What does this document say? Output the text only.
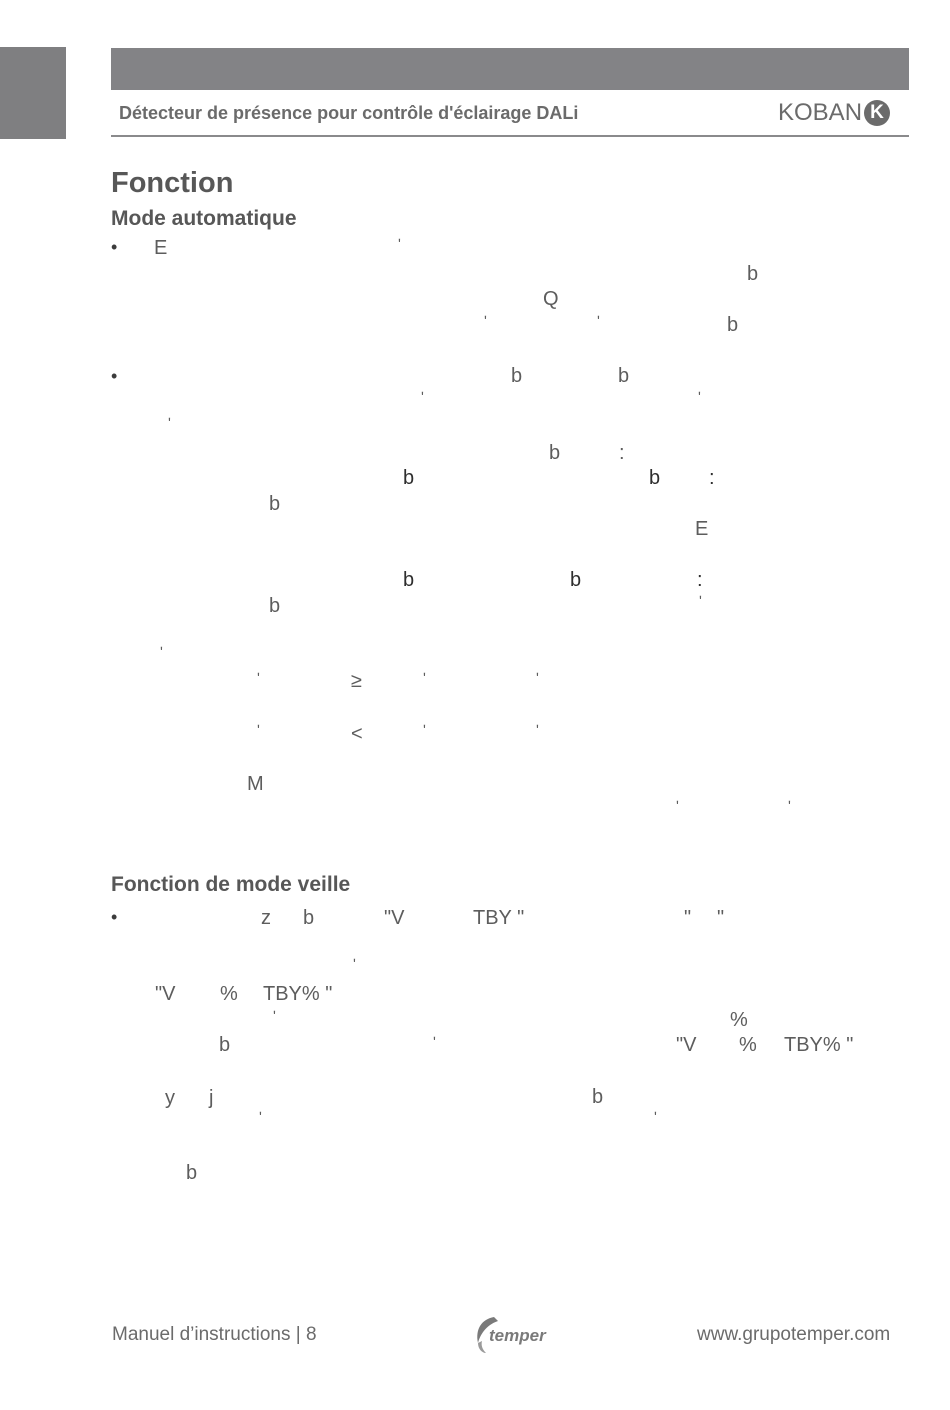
Détecteur de présence pour contrôle d'éclairage DALi	KOBAN K
Fonction
Mode automatique
• E	ʹ
b
Q
ʹ	ʹ	b
•	b	b
ʹ	ʹ
ʹ
b	:
b	b :
b
E
b	b	:
b	ʹ
ʹ
ʹ	≥	ʹ	ʹ
ʹ	<	ʹ	ʹ
M
ʹ	ʹ
Fonction de mode veille
•	z b	"V	TBY "	" "
ʹ
"V % TBY% "
ʹ	%
b	ʹ	"V % TBY% "
y j	b
ʹ	ʹ
b
Manuel d’instructions | 8	temper	www.grupotemper.com
